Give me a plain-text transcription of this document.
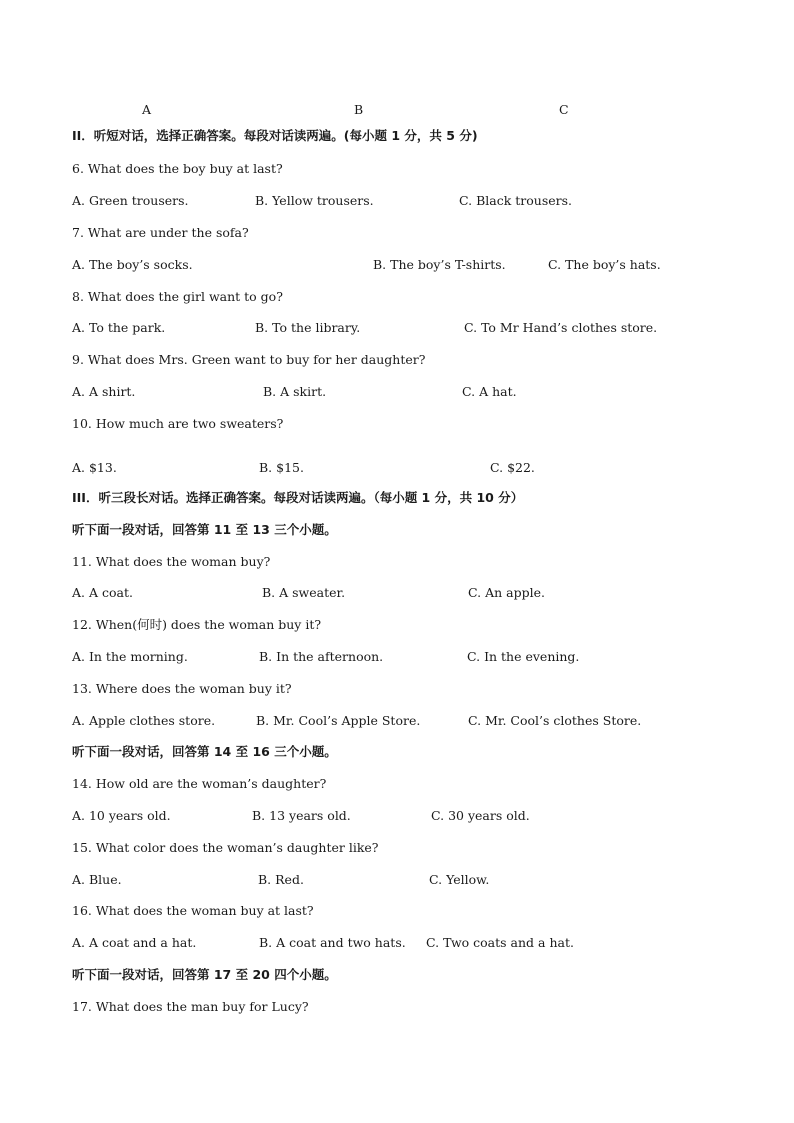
A	B	C
II．听短对话，选择正确答案。每段对话读两遍。(每小题 1 分，共 5 分)
6. What does the boy buy at last?
A. Green trousers.	B. Yellow trousers.	C. Black trousers.
7. What are under the sofa?
A. The boy’s socks.	B. The boy’s T-shirts.	C. The boy’s hats.
8. What does the girl want to go?
A. To the park.	B. To the library.	C. To Mr Hand’s clothes store.
9. What does Mrs. Green want to buy for her daughter?
A. A shirt.	B. A skirt.	C. A hat.
10. How much are two sweaters?
A. $13.	B. $15.	C. $22.
III．听三段长对话。选择正确答案。每段对话读两遍。（每小题 1 分，共 10 分）
听下面一段对话，回答第 11 至 13 三个小题。
11. What does the woman buy?
A. A coat.	B. A sweater.	C. An apple.
12. When(何时) does the woman buy it?
A. In the morning.	B. In the afternoon.	C. In the evening.
13. Where does the woman buy it?
A. Apple clothes store.	B. Mr. Cool’s Apple Store.	C. Mr. Cool’s clothes Store.
听下面一段对话，回答第 14 至 16 三个小题。
14. How old are the woman’s daughter?
A. 10 years old.	B. 13 years old.	C. 30 years old.
15. What color does the woman’s daughter like?
A. Blue.	B. Red.	C. Yellow.
16. What does the woman buy at last?
A. A coat and a hat.	B. A coat and two hats. C. Two coats and a hat.
听下面一段对话，回答第 17 至 20 四个小题。
17. What does the man buy for Lucy?
